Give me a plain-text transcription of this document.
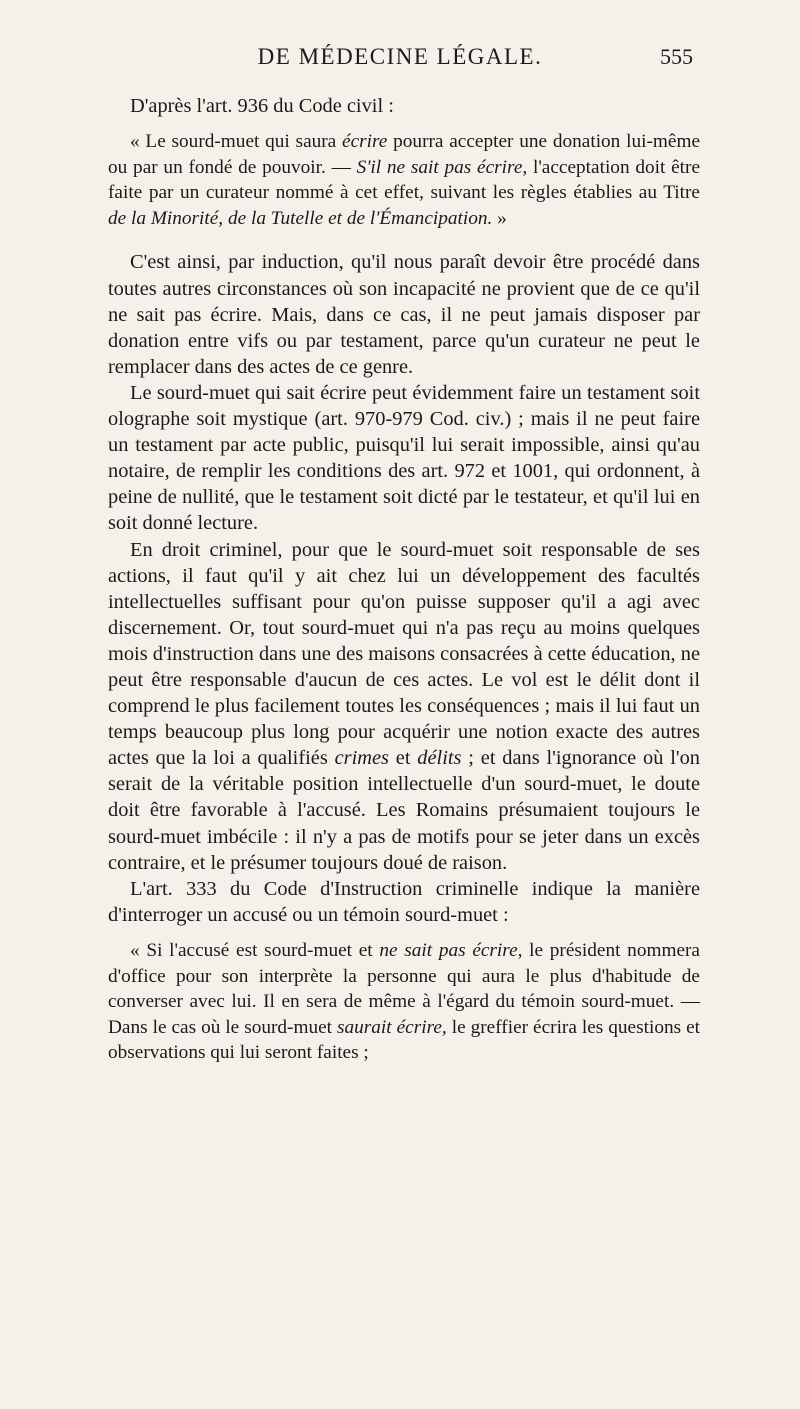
DE MÉDECINE LÉGALE.	555

D'après l'art. 936 du Code civil :

« Le sourd-muet qui saura écrire pourra accepter une donation lui-même ou par un fondé de pouvoir. — S'il ne sait pas écrire, l'acceptation doit être faite par un curateur nommé à cet effet, suivant les règles établies au Titre de la Minorité, de la Tutelle et de l'Émancipation. »

C'est ainsi, par induction, qu'il nous paraît devoir être procédé dans toutes autres circonstances où son incapacité ne provient que de ce qu'il ne sait pas écrire. Mais, dans ce cas, il ne peut jamais disposer par donation entre vifs ou par testament, parce qu'un curateur ne peut le remplacer dans des actes de ce genre.

Le sourd-muet qui sait écrire peut évidemment faire un testament soit olographe soit mystique (art. 970-979 Cod. civ.) ; mais il ne peut faire un testament par acte public, puisqu'il lui serait impossible, ainsi qu'au notaire, de remplir les conditions des art. 972 et 1001, qui ordonnent, à peine de nullité, que le testament soit dicté par le testateur, et qu'il lui en soit donné lecture.

En droit criminel, pour que le sourd-muet soit responsable de ses actions, il faut qu'il y ait chez lui un développement des facultés intellectuelles suffisant pour qu'on puisse supposer qu'il a agi avec discernement. Or, tout sourd-muet qui n'a pas reçu au moins quelques mois d'instruction dans une des maisons consacrées à cette éducation, ne peut être responsable d'aucun de ces actes. Le vol est le délit dont il comprend le plus facilement toutes les conséquences ; mais il lui faut un temps beaucoup plus long pour acquérir une notion exacte des autres actes que la loi a qualifiés crimes et délits ; et dans l'ignorance où l'on serait de la véritable position intellectuelle d'un sourd-muet, le doute doit être favorable à l'accusé. Les Romains présumaient toujours le sourd-muet imbécile : il n'y a pas de motifs pour se jeter dans un excès contraire, et le présumer toujours doué de raison.

L'art. 333 du Code d'Instruction criminelle indique la manière d'interroger un accusé ou un témoin sourd-muet :

« Si l'accusé est sourd-muet et ne sait pas écrire, le président nommera d'office pour son interprète la personne qui aura le plus d'habitude de converser avec lui. Il en sera de même à l'égard du témoin sourd-muet. — Dans le cas où le sourd-muet saurait écrire, le greffier écrira les questions et observations qui lui seront faites ;
